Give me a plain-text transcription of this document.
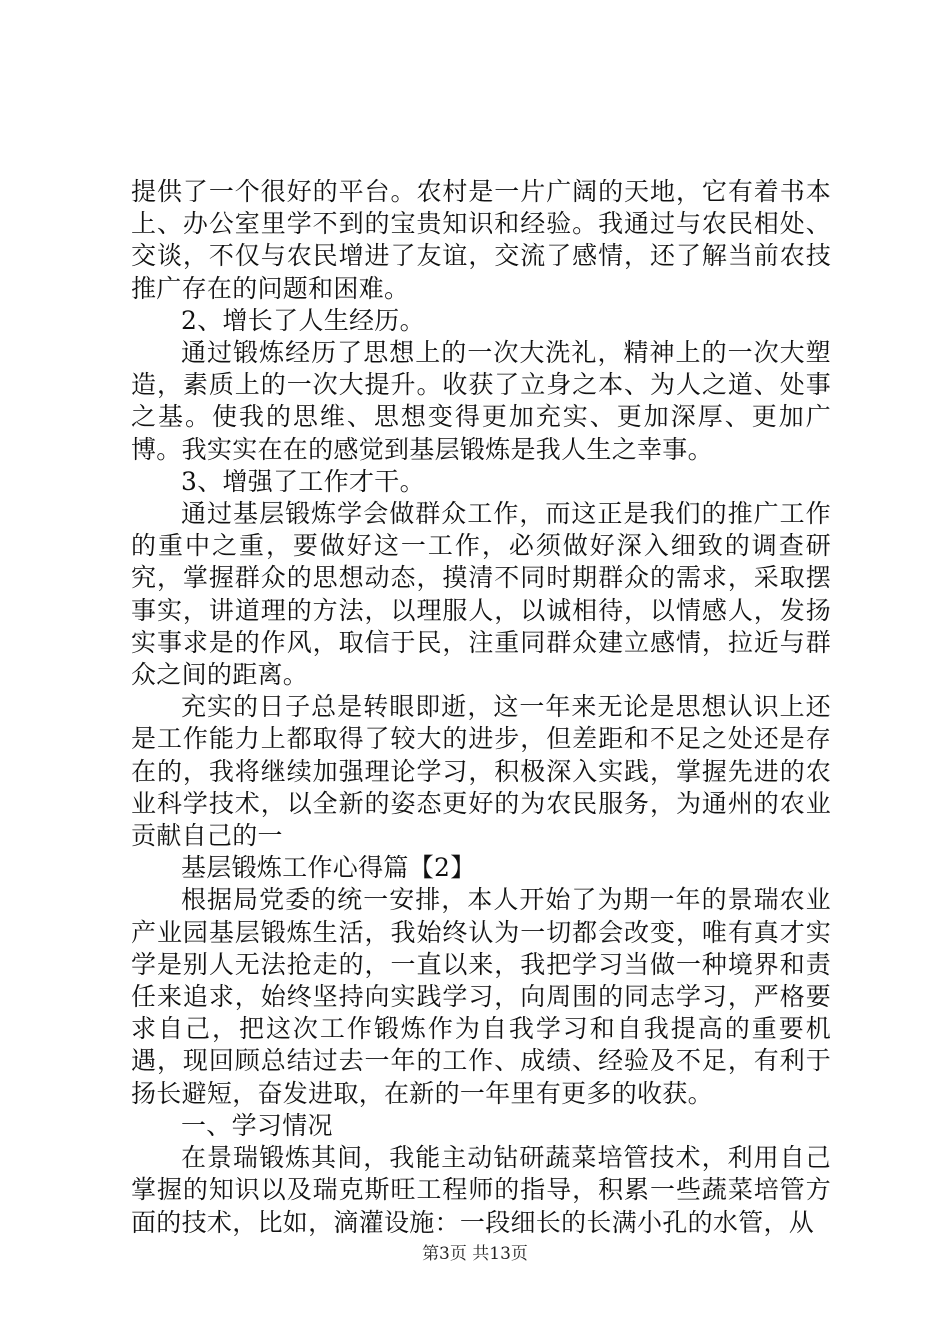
提供了一个很好的平台。农村是一片广阔的天地，它有着书本上、办公室里学不到的宝贵知识和经验。我通过与农民相处、交谈，不仅与农民增进了友谊，交流了感情，还了解当前农技推广存在的问题和困难。

2、增长了人生经历。

通过锻炼经历了思想上的一次大洗礼，精神上的一次大塑造，素质上的一次大提升。收获了立身之本、为人之道、处事之基。使我的思维、思想变得更加充实、更加深厚、更加广博。我实实在在的感觉到基层锻炼是我人生之幸事。

3、增强了工作才干。

通过基层锻炼学会做群众工作，而这正是我们的推广工作的重中之重，要做好这一工作，必须做好深入细致的调查研究，掌握群众的思想动态，摸清不同时期群众的需求，采取摆事实，讲道理的方法，以理服人，以诚相待，以情感人，发扬实事求是的作风，取信于民，注重同群众建立感情，拉近与群众之间的距离。

充实的日子总是转眼即逝，这一年来无论是思想认识上还是工作能力上都取得了较大的进步，但差距和不足之处还是存在的，我将继续加强理论学习，积极深入实践，掌握先进的农业科学技术，以全新的姿态更好的为农民服务，为通州的农业贡献自己的一

基层锻炼工作心得篇【2】

根据局党委的统一安排，本人开始了为期一年的景瑞农业产业园基层锻炼生活，我始终认为一切都会改变，唯有真才实学是别人无法抢走的，一直以来，我把学习当做一种境界和责任来追求，始终坚持向实践学习，向周围的同志学习，严格要求自己，把这次工作锻炼作为自我学习和自我提高的重要机遇，现回顾总结过去一年的工作、成绩、经验及不足，有利于扬长避短，奋发进取，在新的一年里有更多的收获。

一、学习情况

在景瑞锻炼其间，我能主动钻研蔬菜培管技术，利用自己掌握的知识以及瑞克斯旺工程师的指导，积累一些蔬菜培管方面的技术，比如，滴灌设施：一段细长的长满小孔的水管，从

第3页 共13页
